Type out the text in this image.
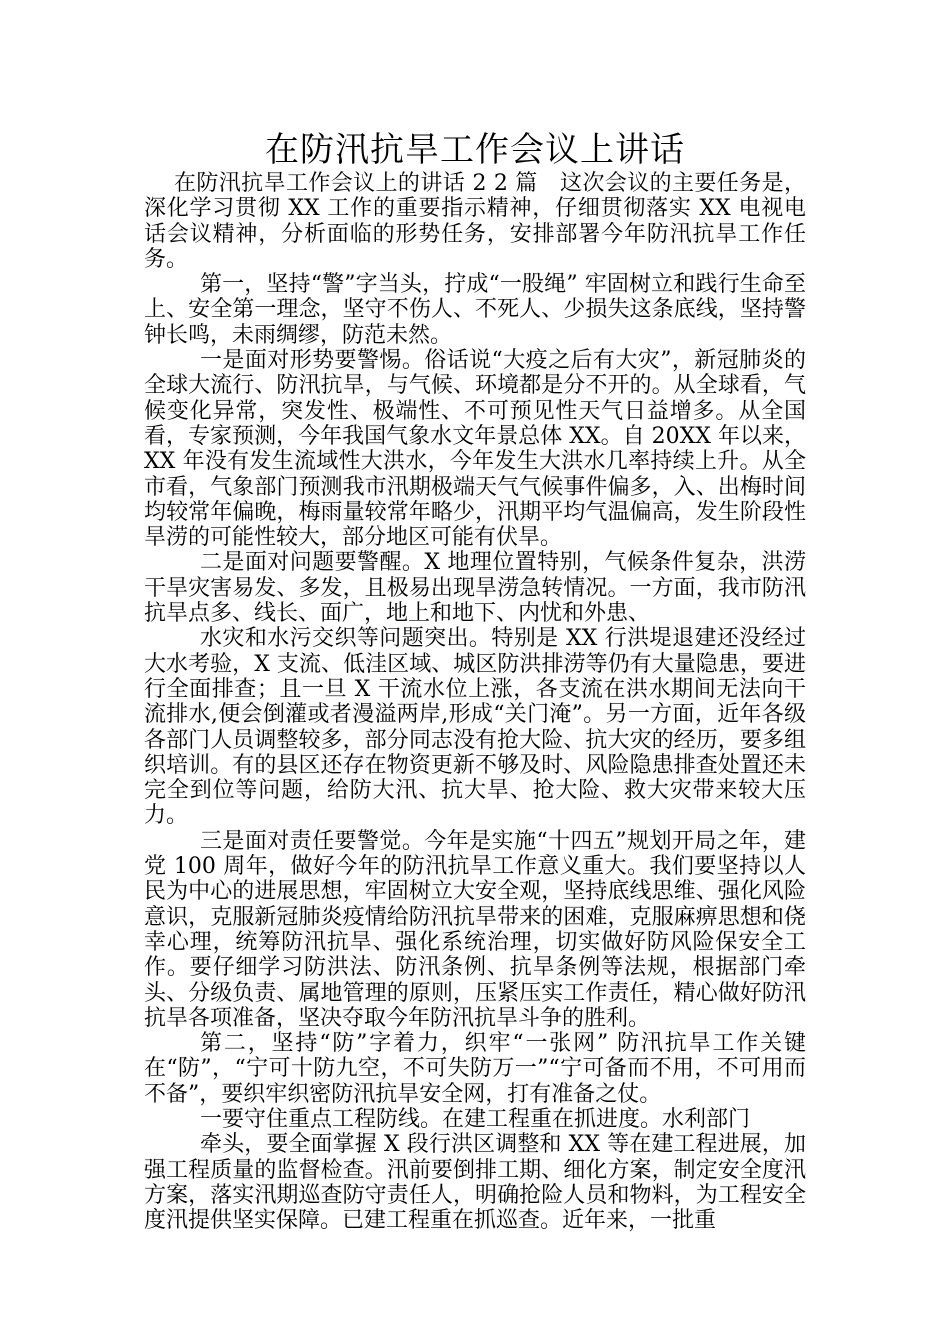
在防汛抗旱工作会议上讲话

在防汛抗旱工作会议上的讲话 2 2 篇　这次会议的主要任务是，深化学习贯彻 XX 工作的重要指示精神，仔细贯彻落实 XX 电视电话会议精神，分析面临的形势任务，安排部署今年防汛抗旱工作任务。

第一，坚持“警”字当头，拧成“一股绳” 牢固树立和践行生命至上、安全第一理念，坚守不伤人、不死人、少损失这条底线，坚持警钟长鸣，未雨绸缪，防范未然。

一是面对形势要警惕。俗话说“大疫之后有大灾”，新冠肺炎的全球大流行、防汛抗旱，与气候、环境都是分不开的。从全球看，气候变化异常，突发性、极端性、不可预见性天气日益增多。从全国看，专家预测，今年我国气象水文年景总体 XX。自 20XX 年以来，XX 年没有发生流域性大洪水，今年发生大洪水几率持续上升。从全市看，气象部门预测我市汛期极端天气气候事件偏多，入、出梅时间均较常年偏晚，梅雨量较常年略少，汛期平均气温偏高，发生阶段性旱涝的可能性较大，部分地区可能有伏旱。

二是面对问题要警醒。X 地理位置特别，气候条件复杂，洪涝干旱灾害易发、多发，且极易出现旱涝急转情况。一方面，我市防汛抗旱点多、线长、面广，地上和地下、内忧和外患、

水灾和水污交织等问题突出。特别是 XX 行洪堤退建还没经过大水考验，X 支流、低洼区域、城区防洪排涝等仍有大量隐患，要进行全面排查；且一旦 X 干流水位上涨，各支流在洪水期间无法向干流排水,便会倒灌或者漫溢两岸,形成“关门淹”。另一方面，近年各级各部门人员调整较多，部分同志没有抢大险、抗大灾的经历，要多组织培训。有的县区还存在物资更新不够及时、风险隐患排查处置还未完全到位等问题，给防大汛、抗大旱、抢大险、救大灾带来较大压力。

三是面对责任要警觉。今年是实施“十四五”规划开局之年，建党 100 周年，做好今年的防汛抗旱工作意义重大。我们要坚持以人民为中心的进展思想，牢固树立大安全观，坚持底线思维、强化风险意识，克服新冠肺炎疫情给防汛抗旱带来的困难，克服麻痹思想和侥幸心理，统筹防汛抗旱、强化系统治理，切实做好防风险保安全工作。要仔细学习防洪法、防汛条例、抗旱条例等法规，根据部门牵头、分级负责、属地管理的原则，压紧压实工作责任，精心做好防汛抗旱各项准备，坚决夺取今年防汛抗旱斗争的胜利。

第二，坚持“防”字着力，织牢“一张网” 防汛抗旱工作关键在“防”，“宁可十防九空，不可失防万一”“宁可备而不用，不可用而不备”，要织牢织密防汛抗旱安全网，打有准备之仗。

一要守住重点工程防线。在建工程重在抓进度。水利部门

牵头，要全面掌握 X 段行洪区调整和 XX 等在建工程进展，加强工程质量的监督检查。汛前要倒排工期、细化方案，制定安全度汛方案，落实汛期巡查防守责任人，明确抢险人员和物料，为工程安全度汛提供坚实保障。已建工程重在抓巡查。近年来，一批重
